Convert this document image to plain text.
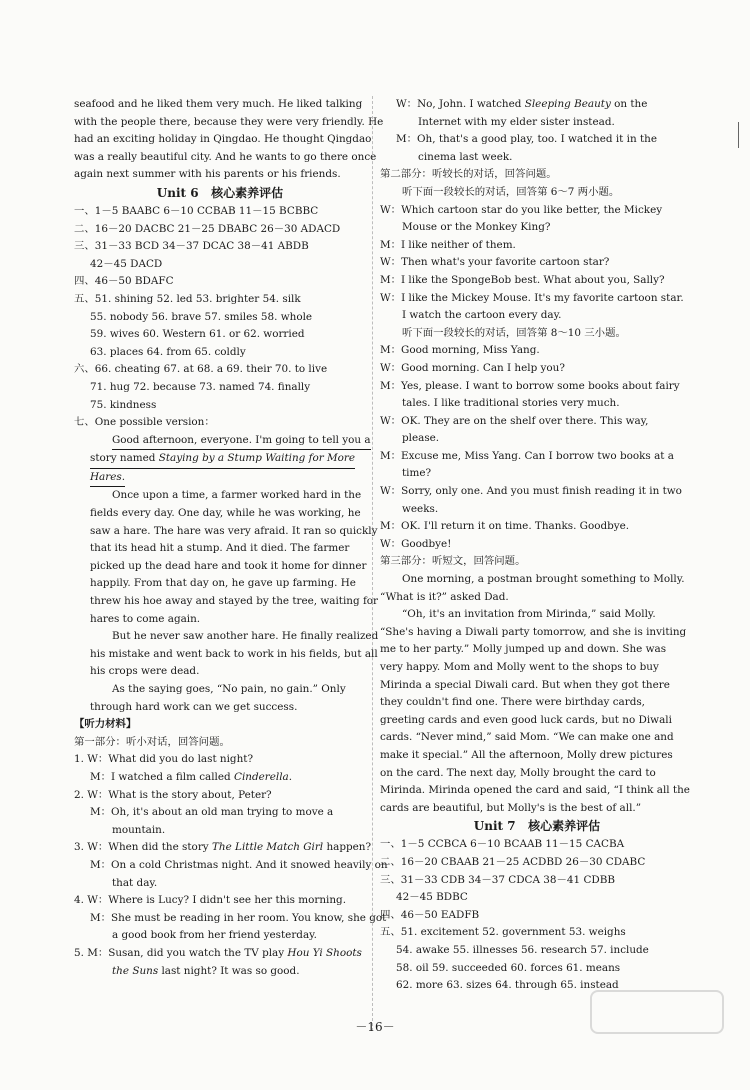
seafood and he liked them very much. He liked talking
with the people there, because they were very friendly. He
had an exciting holiday in Qingdao. He thought Qingdao
was a really beautiful city. And he wants to go there once
again next summer with his parents or his friends.
Unit 6 核心素养评估
一、1－5 BAABC 6－10 CCBAB 11－15 BCBBC
二、16－20 DACBC 21－25 DBABC 26－30 ADACD
三、31－33 BCD 34－37 DCAC 38－41 ABDB
42－45 DACD
四、46－50 BDAFC
五、51. shining 52. led 53. brighter 54. silk
55. nobody 56. brave 57. smiles 58. whole
59. wives 60. Western 61. or 62. worried
63. places 64. from 65. coldly
六、66. cheating 67. at 68. a 69. their 70. to live
71. hug 72. because 73. named 74. finally
75. kindness
七、One possible version：
Good afternoon, everyone. I'm going to tell you a
story named Staying by a Stump Waiting for More
Hares.
Once upon a time, a farmer worked hard in the
fields every day. One day, while he was working, he
saw a hare. The hare was very afraid. It ran so quickly
that its head hit a stump. And it died. The farmer
picked up the dead hare and took it home for dinner
happily. From that day on, he gave up farming. He
threw his hoe away and stayed by the tree, waiting for
hares to come again.
But he never saw another hare. He finally realized
his mistake and went back to work in his fields, but all
his crops were dead.
As the saying goes, “No pain, no gain.” Only
through hard work can we get success.
【听力材料】
第一部分：听小对话，回答问题。
1. W：What did you do last night?
M：I watched a film called Cinderella.
2. W：What is the story about, Peter?
M：Oh, it's about an old man trying to move a
mountain.
3. W：When did the story The Little Match Girl happen?
M：On a cold Christmas night. And it snowed heavily on
that day.
4. W：Where is Lucy? I didn't see her this morning.
M：She must be reading in her room. You know, she got
a good book from her friend yesterday.
5. M：Susan, did you watch the TV play Hou Yi Shoots
the Suns last night? It was so good.
W：No, John. I watched Sleeping Beauty on the
Internet with my elder sister instead.
M：Oh, that's a good play, too. I watched it in the
cinema last week.
第二部分：听较长的对话，回答问题。
听下面一段较长的对话，回答第 6～7 两小题。
W：Which cartoon star do you like better, the Mickey
Mouse or the Monkey King?
M：I like neither of them.
W：Then what's your favorite cartoon star?
M：I like the SpongeBob best. What about you, Sally?
W：I like the Mickey Mouse. It's my favorite cartoon star.
I watch the cartoon every day.
听下面一段较长的对话，回答第 8～10 三小题。
M：Good morning, Miss Yang.
W：Good morning. Can I help you?
M：Yes, please. I want to borrow some books about fairy
tales. I like traditional stories very much.
W：OK. They are on the shelf over there. This way,
please.
M：Excuse me, Miss Yang. Can I borrow two books at a
time?
W：Sorry, only one. And you must finish reading it in two
weeks.
M：OK. I'll return it on time. Thanks. Goodbye.
W：Goodbye!
第三部分：听短文，回答问题。
One morning, a postman brought something to Molly.
“What is it?” asked Dad.
“Oh, it's an invitation from Mirinda,” said Molly.
“She's having a Diwali party tomorrow, and she is inviting
me to her party.” Molly jumped up and down. She was
very happy. Mom and Molly went to the shops to buy
Mirinda a special Diwali card. But when they got there
they couldn't find one. There were birthday cards,
greeting cards and even good luck cards, but no Diwali
cards. “Never mind,” said Mom. “We can make one and
make it special.” All the afternoon, Molly drew pictures
on the card. The next day, Molly brought the card to
Mirinda. Mirinda opened the card and said, “I think all the
cards are beautiful, but Molly's is the best of all.”
Unit 7 核心素养评估
一、1－5 CCBCA 6－10 BCAAB 11－15 CACBA
二、16－20 CBAAB 21－25 ACDBD 26－30 CDABC
三、31－33 CDB 34－37 CDCA 38－41 CDBB
42－45 BDBC
四、46－50 EADFB
五、51. excitement 52. government 53. weighs
54. awake 55. illnesses 56. research 57. include
58. oil 59. succeeded 60. forces 61. means
62. more 63. sizes 64. through 65. instead
－16－
